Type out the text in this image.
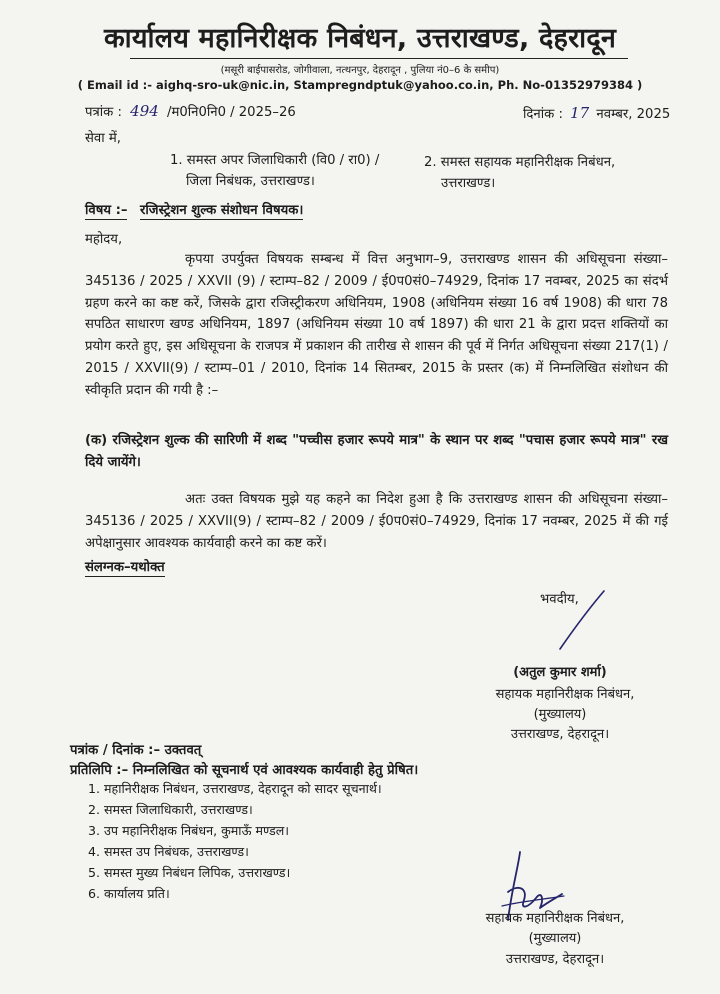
कार्यालय महानिरीक्षक निबंधन, उत्तराखण्ड, देहरादून
(मसूरी बाईपासरोड, जोगीवाला, नत्थनपुर, देहरादून , पुलिया नं0–6 के समीप)
( Email id :- aighq-sro-uk@nic.in, Stampregndptuk@yahoo.co.in, Ph. No-01352979384 )
पत्रांक : 494 /म0नि0नि0 / 2025–26	दिनांक : 17 नवम्बर, 2025
सेवा में,
1. समस्त अपर जिलाधिकारी (वि0 / रा0) /
जिला निबंधक, उत्तराखण्ड।
2. समस्त सहायक महानिरीक्षक निबंधन,
उत्तराखण्ड।
विषय :– रजिस्ट्रेशन शुल्क संशोधन विषयक।
महोदय,
कृपया उपर्युक्त विषयक सम्बन्ध में वित्त अनुभाग–9, उत्तराखण्ड शासन की अधिसूचना संख्या–345136 / 2025 / XXVII (9) / स्टाम्प–82 / 2009 / ई0प0सं0–74929, दिनांक 17 नवम्बर, 2025 का संदर्भ ग्रहण करने का कष्ट करें, जिसके द्वारा रजिस्ट्रीकरण अधिनियम, 1908 (अधिनियम संख्या 16 वर्ष 1908) की धारा 78 सपठित साधारण खण्ड अधिनियम, 1897 (अधिनियम संख्या 10 वर्ष 1897) की धारा 21 के द्वारा प्रदत्त शक्तियों का प्रयोग करते हुए, इस अधिसूचना के राजपत्र में प्रकाशन की तारीख से शासन की पूर्व में निर्गत अधिसूचना संख्या 217(1) / 2015 / XXVII(9) / स्टाम्प–01 / 2010, दिनांक 14 सितम्बर, 2015 के प्रस्तर (क) में निम्नलिखित संशोधन की स्वीकृति प्रदान की गयी है :–
(क) रजिस्ट्रेशन शुल्क की सारिणी में शब्द "पच्चीस हजार रूपये मात्र" के स्थान पर शब्द "पचास हजार रूपये मात्र" रख दिये जायेंगे।
अतः उक्त विषयक मुझे यह कहने का निदेश हुआ है कि उत्तराखण्ड शासन की अधिसूचना संख्या–345136 / 2025 / XXVII(9) / स्टाम्प–82 / 2009 / ई0प0सं0–74929, दिनांक 17 नवम्बर, 2025 में की गई अपेक्षानुसार आवश्यक कार्यवाही करने का कष्ट करें।
संलग्नक–यथोक्त
भवदीय,
(अतुल कुमार शर्मा)
सहायक महानिरीक्षक निबंधन,
(मुख्यालय)
उत्तराखण्ड, देहरादून।
पत्रांक / दिनांक :– उक्तवत्
प्रतिलिपि :– निम्नलिखित को सूचनार्थ एवं आवश्यक कार्यवाही हेतु प्रेषित।
1. महानिरीक्षक निबंधन, उत्तराखण्ड, देहरादून को सादर सूचनार्थ।
2. समस्त जिलाधिकारी, उत्तराखण्ड।
3. उप महानिरीक्षक निबंधन, कुमाऊँ मण्डल।
4. समस्त उप निबंधक, उत्तराखण्ड।
5. समस्त मुख्य निबंधन लिपिक, उत्तराखण्ड।
6. कार्यालय प्रति।
सहायक महानिरीक्षक निबंधन,
(मुख्यालय)
उत्तराखण्ड, देहरादून।
